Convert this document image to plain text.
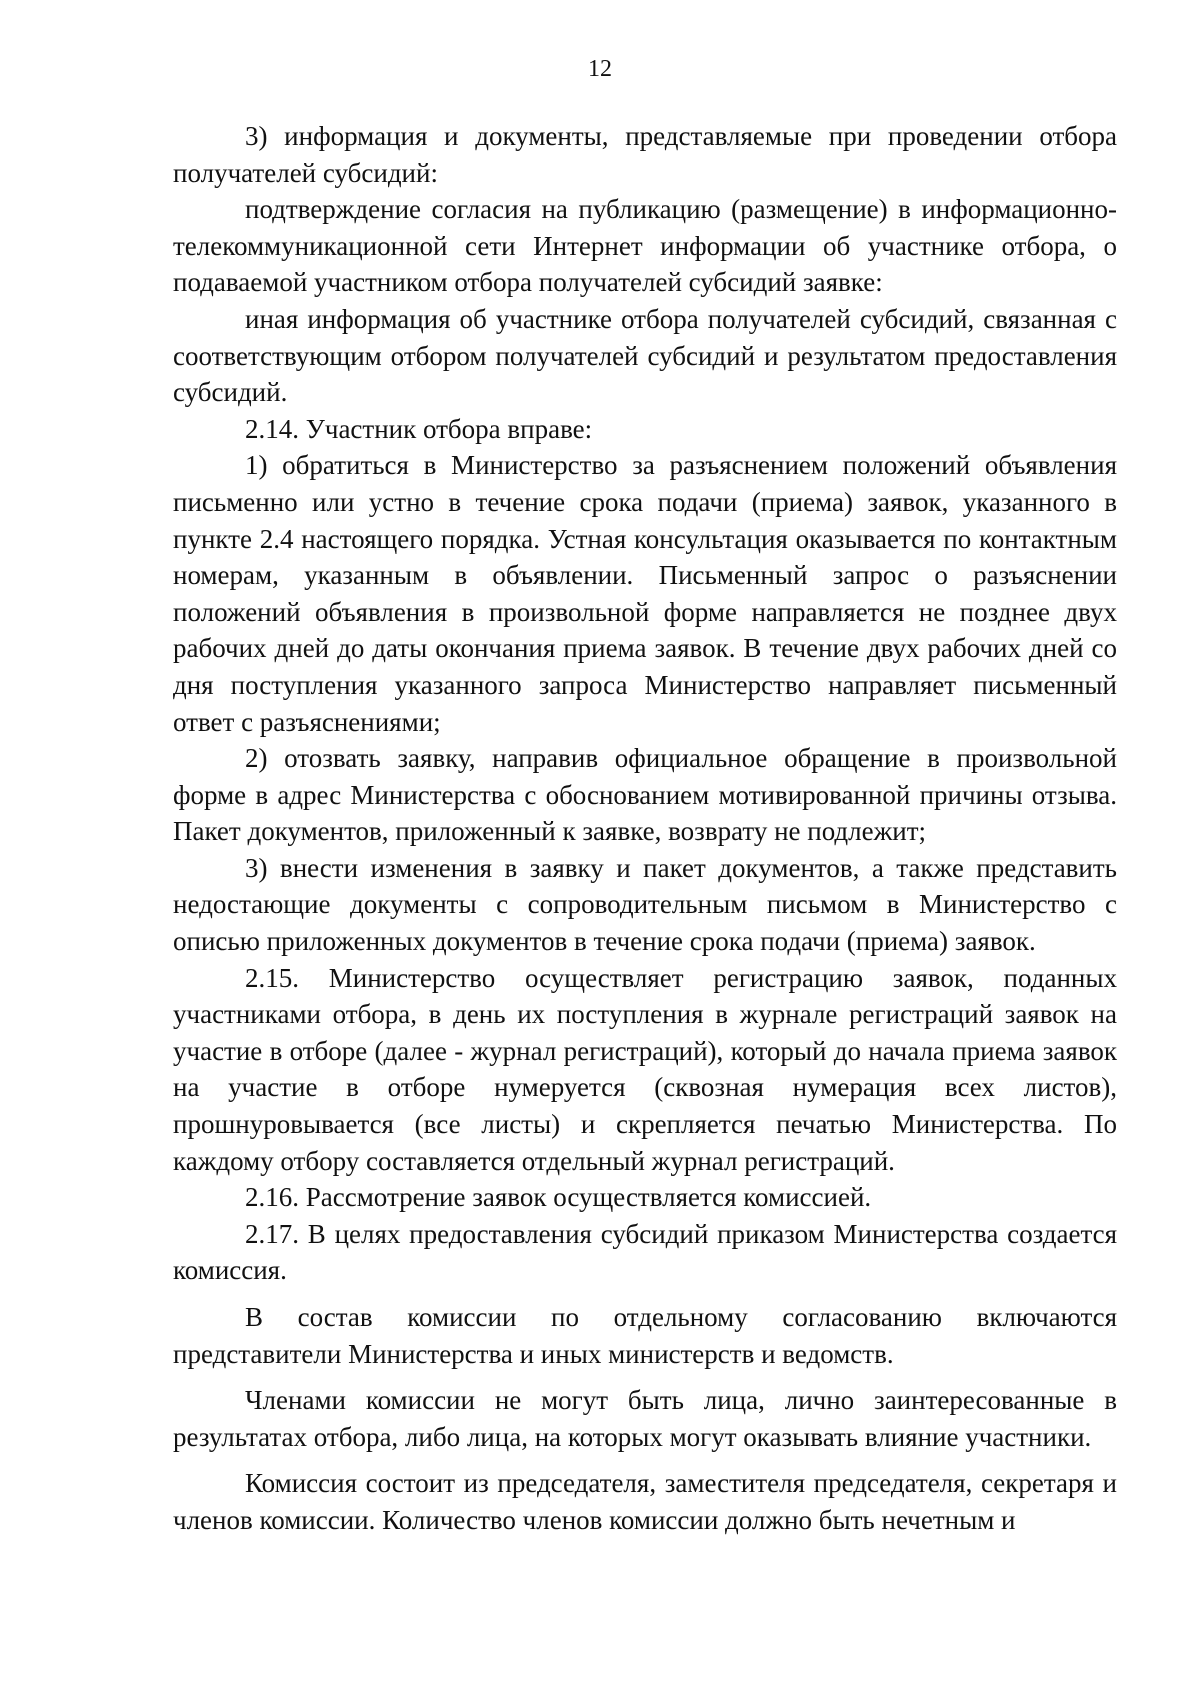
12

3) информация и документы, представляемые при проведении отбора получателей субсидий:

подтверждение согласия на публикацию (размещение) в информационно-телекоммуникационной сети Интернет информации об участнике отбора, о подаваемой участником отбора получателей субсидий заявке:

иная информация об участнике отбора получателей субсидий, связанная с соответствующим отбором получателей субсидий и результатом предоставления субсидий.

2.14. Участник отбора вправе:

1) обратиться в Министерство за разъяснением положений объявления письменно или устно в течение срока подачи (приема) заявок, указанного в пункте 2.4 настоящего порядка. Устная консультация оказывается по контактным номерам, указанным в объявлении. Письменный запрос о разъяснении положений объявления в произвольной форме направляется не позднее двух рабочих дней до даты окончания приема заявок. В течение двух рабочих дней со дня поступления указанного запроса Министерство направляет письменный ответ с разъяснениями;

2) отозвать заявку, направив официальное обращение в произвольной форме в адрес Министерства с обоснованием мотивированной причины отзыва. Пакет документов, приложенный к заявке, возврату не подлежит;

3) внести изменения в заявку и пакет документов, а также представить недостающие документы с сопроводительным письмом в Министерство с описью приложенных документов в течение срока подачи (приема) заявок.

2.15. Министерство осуществляет регистрацию заявок, поданных участниками отбора, в день их поступления в журнале регистраций заявок на участие в отборе (далее - журнал регистраций), который до начала приема заявок на участие в отборе нумеруется (сквозная нумерация всех листов), прошнуровывается (все листы) и скрепляется печатью Министерства. По каждому отбору составляется отдельный журнал регистраций.

2.16. Рассмотрение заявок осуществляется комиссией.

2.17. В целях предоставления субсидий приказом Министерства создается комиссия.

В состав комиссии по отдельному согласованию включаются представители Министерства и иных министерств и ведомств.

Членами комиссии не могут быть лица, лично заинтересованные в результатах отбора, либо лица, на которых могут оказывать влияние участники.

Комиссия состоит из председателя, заместителя председателя, секретаря и членов комиссии. Количество членов комиссии должно быть нечетным и
